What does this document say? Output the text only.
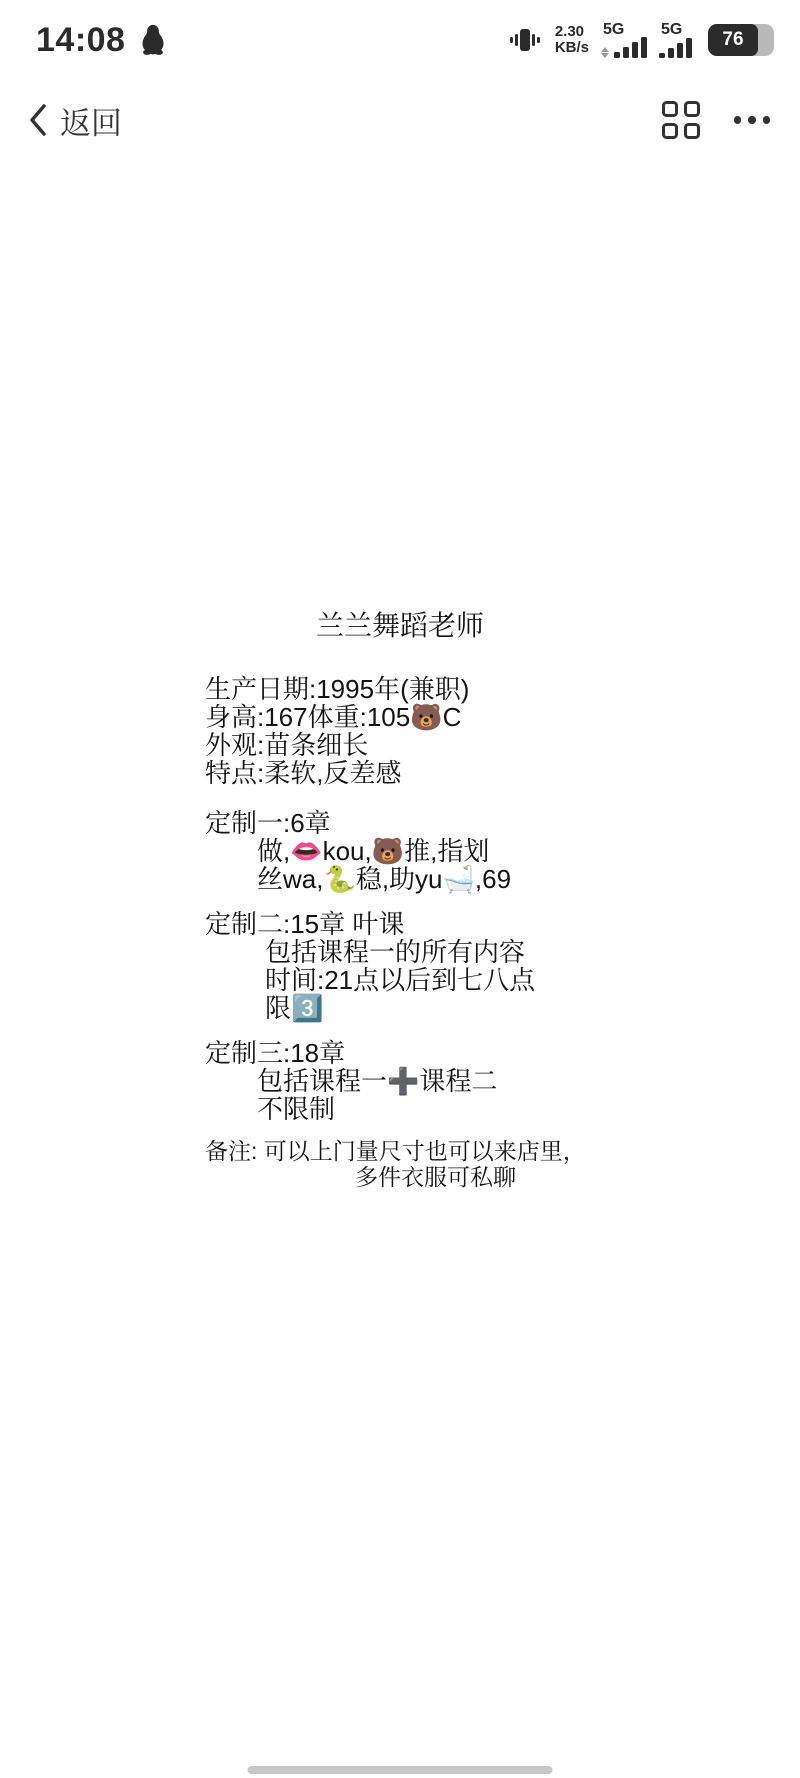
14:08	2.30
KB/s
5G 5G 76
返回
兰兰舞蹈老师
生产日期:1995年(兼职)
身高:167体重:105🐻C
外观:苗条细长
特点:柔软,反差感
定制一:6章
做,👄kou,🐻推,指划
丝wa,🐍稳,助yu🛁,69
定制二:15章 叶课
包括课程一的所有内容
时间:21点以后到七八点
限3️⃣
定制三:18章
包括课程一➕课程二
不限制
备注: 可以上门量尺寸也可以来店里，
多件衣服可私聊
